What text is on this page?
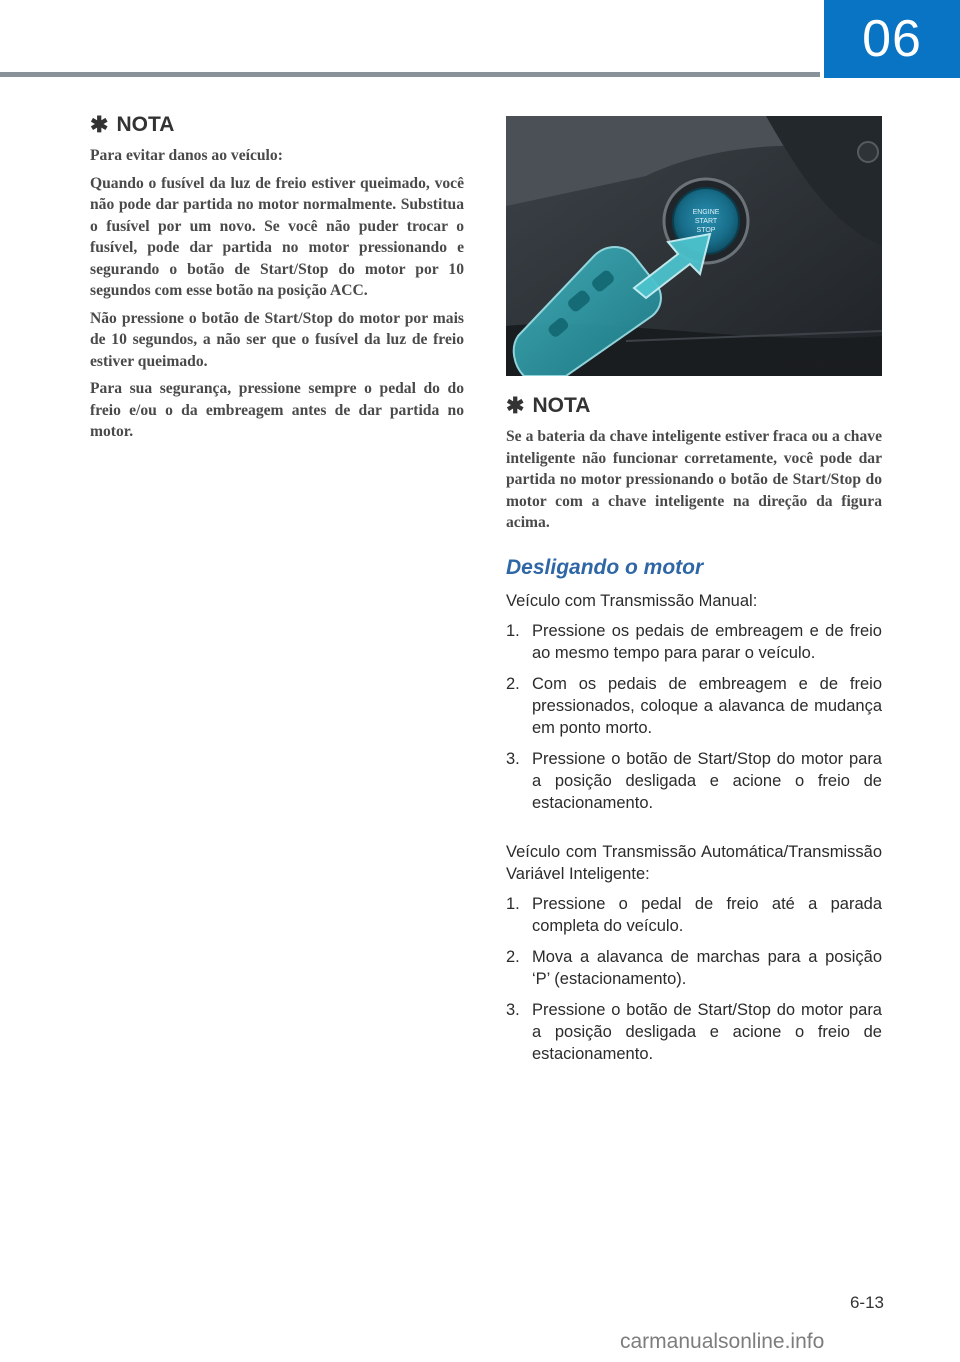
06
✱ NOTA

Para evitar danos ao veículo:

Quando o fusível da luz de freio estiver queimado, você não pode dar partida no motor normalmente. Substitua o fusível por um novo. Se você não puder trocar o fusível, pode dar partida no motor pressionando e segurando o botão de Start/Stop do motor por 10 segundos com esse botão na posição ACC.

Não pressione o botão de Start/Stop do motor por mais de 10 segundos, a não ser que o fusível da luz de freio estiver queimado.

Para sua segurança, pressione sempre o pedal do do freio e/ou o da embreagem antes de dar partida no motor.

ENGINE
START
STOP
SUBR2021087
✱ NOTA

Se a bateria da chave inteligente estiver fraca ou a chave inteligente não funcionar corretamente, você pode dar partida no motor pressionando o botão de Start/Stop do motor com a chave inteligente na direção da figura acima.

Desligando o motor

Veículo com Transmissão Manual:

1. Pressione os pedais de embreagem e de freio ao mesmo tempo para parar o veículo.
2. Com os pedais de embreagem e de freio pressionados, coloque a alavanca de mudança em ponto morto.
3. Pressione o botão de Start/Stop do motor para a posição desligada e acione o freio de estacionamento.

Veículo com Transmissão Automática/Transmissão Variável Inteligente:

1. Pressione o pedal de freio até a parada completa do veículo.
2. Mova a alavanca de marchas para a posição ‘P’ (estacionamento).
3. Pressione o botão de Start/Stop do motor para a posição desligada e acione o freio de estacionamento.
6-13
carmanualsonline.info
